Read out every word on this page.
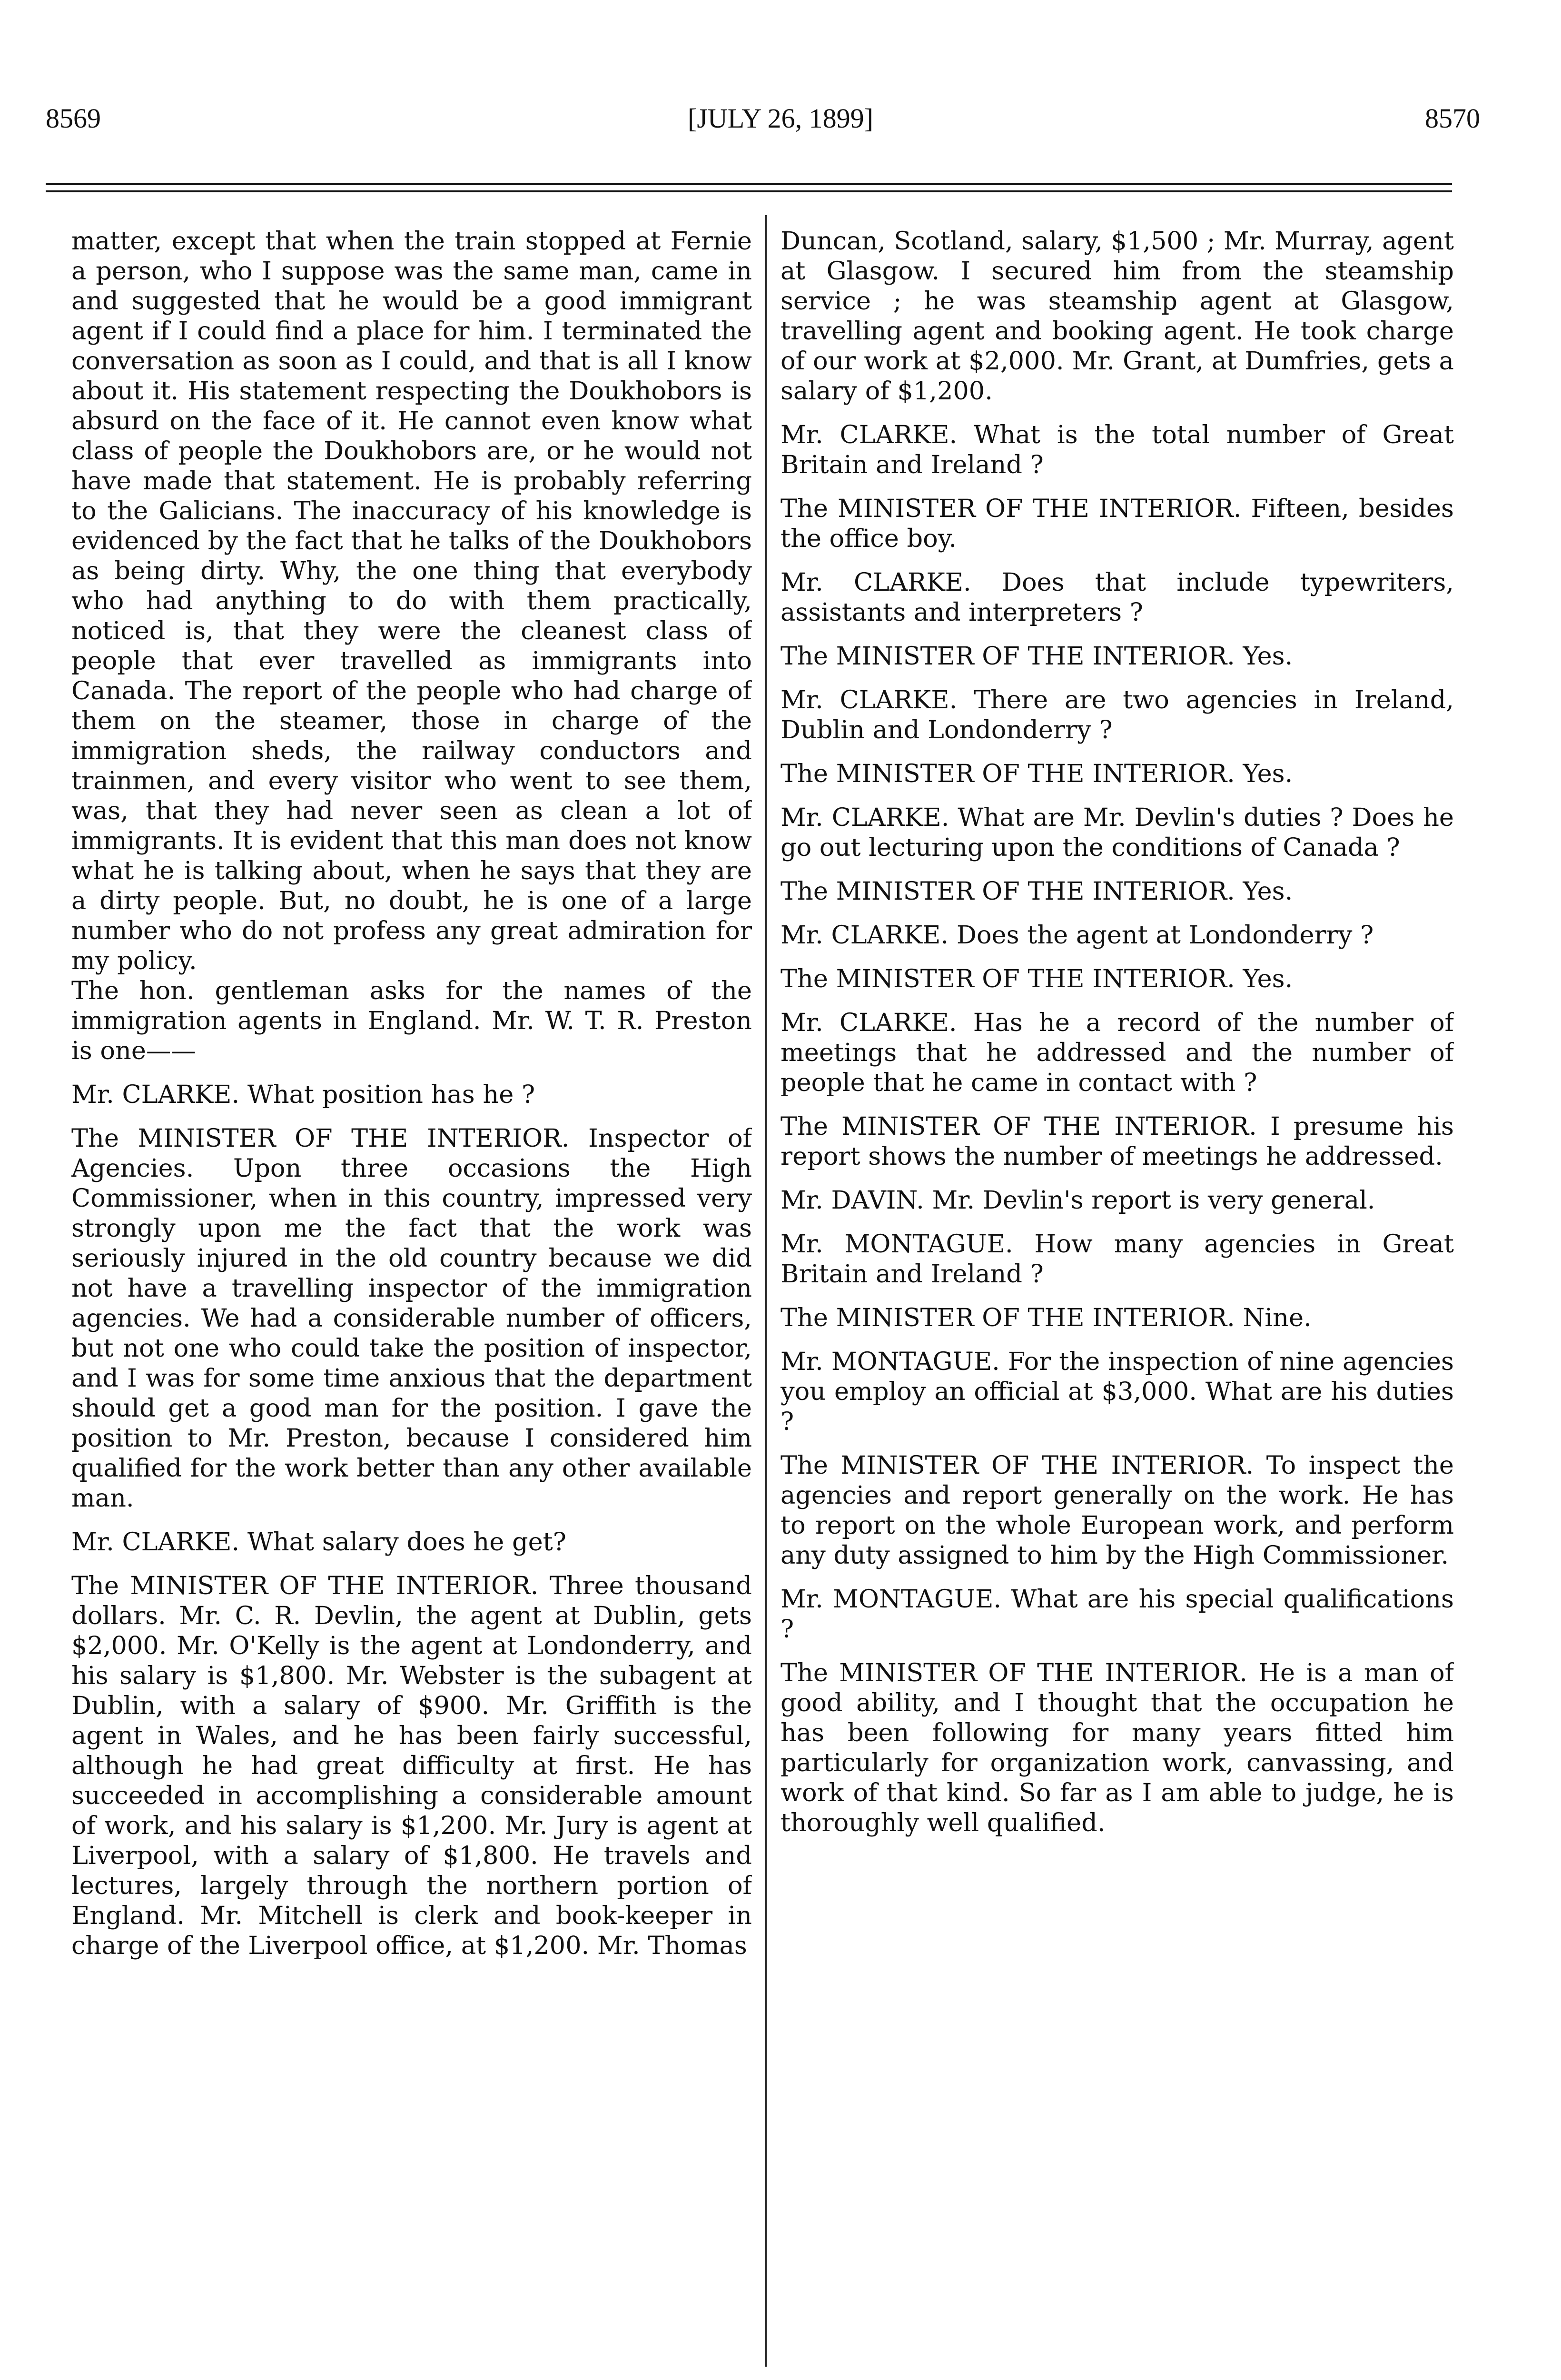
8569	[JULY 26, 1899]	8570

matter, except that when the train stopped at Fernie a person, who I suppose was the same man, came in and suggested that he would be a good immigrant agent if I could find a place for him. I terminated the conversation as soon as I could, and that is all I know about it. His statement respecting the Doukhobors is absurd on the face of it. He cannot even know what class of people the Doukhobors are, or he would not have made that statement. He is probably referring to the Galicians. The inaccuracy of his knowledge is evidenced by the fact that he talks of the Doukhobors as being dirty. Why, the one thing that everybody who had anything to do with them practically, noticed is, that they were the cleanest class of people that ever travelled as immigrants into Canada. The report of the people who had charge of them on the steamer, those in charge of the immigration sheds, the railway conductors and trainmen, and every visitor who went to see them, was, that they had never seen as clean a lot of immigrants. It is evident that this man does not know what he is talking about, when he says that they are a dirty people. But, no doubt, he is one of a large number who do not profess any great admiration for my policy.

The hon. gentleman asks for the names of the immigration agents in England. Mr. W. T. R. Preston is one——

Mr. CLARKE. What position has he ?

The MINISTER OF THE INTERIOR. Inspector of Agencies. Upon three occasions the High Commissioner, when in this country, impressed very strongly upon me the fact that the work was seriously injured in the old country because we did not have a travelling inspector of the immigration agencies. We had a considerable number of officers, but not one who could take the position of inspector, and I was for some time anxious that the department should get a good man for the position. I gave the position to Mr. Preston, because I considered him qualified for the work better than any other available man.

Mr. CLARKE. What salary does he get?

The MINISTER OF THE INTERIOR. Three thousand dollars. Mr. C. R. Devlin, the agent at Dublin, gets $2,000. Mr. O'Kelly is the agent at Londonderry, and his salary is $1,800. Mr. Webster is the subagent at Dublin, with a salary of $900. Mr. Griffith is the agent in Wales, and he has been fairly successful, although he had great difficulty at first. He has succeeded in accomplishing a considerable amount of work, and his salary is $1,200. Mr. Jury is agent at Liverpool, with a salary of $1,800. He travels and lectures, largely through the northern portion of England. Mr. Mitchell is clerk and book-keeper in charge of the Liverpool office, at $1,200. Mr. Thomas

Duncan, Scotland, salary, $1,500 ; Mr. Murray, agent at Glasgow. I secured him from the steamship service ; he was steamship agent at Glasgow, travelling agent and booking agent. He took charge of our work at $2,000. Mr. Grant, at Dumfries, gets a salary of $1,200.

Mr. CLARKE. What is the total number of Great Britain and Ireland ?

The MINISTER OF THE INTERIOR. Fifteen, besides the office boy.

Mr. CLARKE. Does that include typewriters, assistants and interpreters ?

The MINISTER OF THE INTERIOR. Yes.

Mr. CLARKE. There are two agencies in Ireland, Dublin and Londonderry ?

The MINISTER OF THE INTERIOR. Yes.

Mr. CLARKE. What are Mr. Devlin's duties ? Does he go out lecturing upon the conditions of Canada ?

The MINISTER OF THE INTERIOR. Yes.

Mr. CLARKE. Does the agent at Londonderry ?

The MINISTER OF THE INTERIOR. Yes.

Mr. CLARKE. Has he a record of the number of meetings that he addressed and the number of people that he came in contact with ?

The MINISTER OF THE INTERIOR. I presume his report shows the number of meetings he addressed.

Mr. DAVIN. Mr. Devlin's report is very general.

Mr. MONTAGUE. How many agencies in Great Britain and Ireland ?

The MINISTER OF THE INTERIOR. Nine.

Mr. MONTAGUE. For the inspection of nine agencies you employ an official at $3,000. What are his duties ?

The MINISTER OF THE INTERIOR. To inspect the agencies and report generally on the work. He has to report on the whole European work, and perform any duty assigned to him by the High Commissioner.

Mr. MONTAGUE. What are his special qualifications ?

The MINISTER OF THE INTERIOR. He is a man of good ability, and I thought that the occupation he has been following for many years fitted him particularly for organization work, canvassing, and work of that kind. So far as I am able to judge, he is thoroughly well qualified.
